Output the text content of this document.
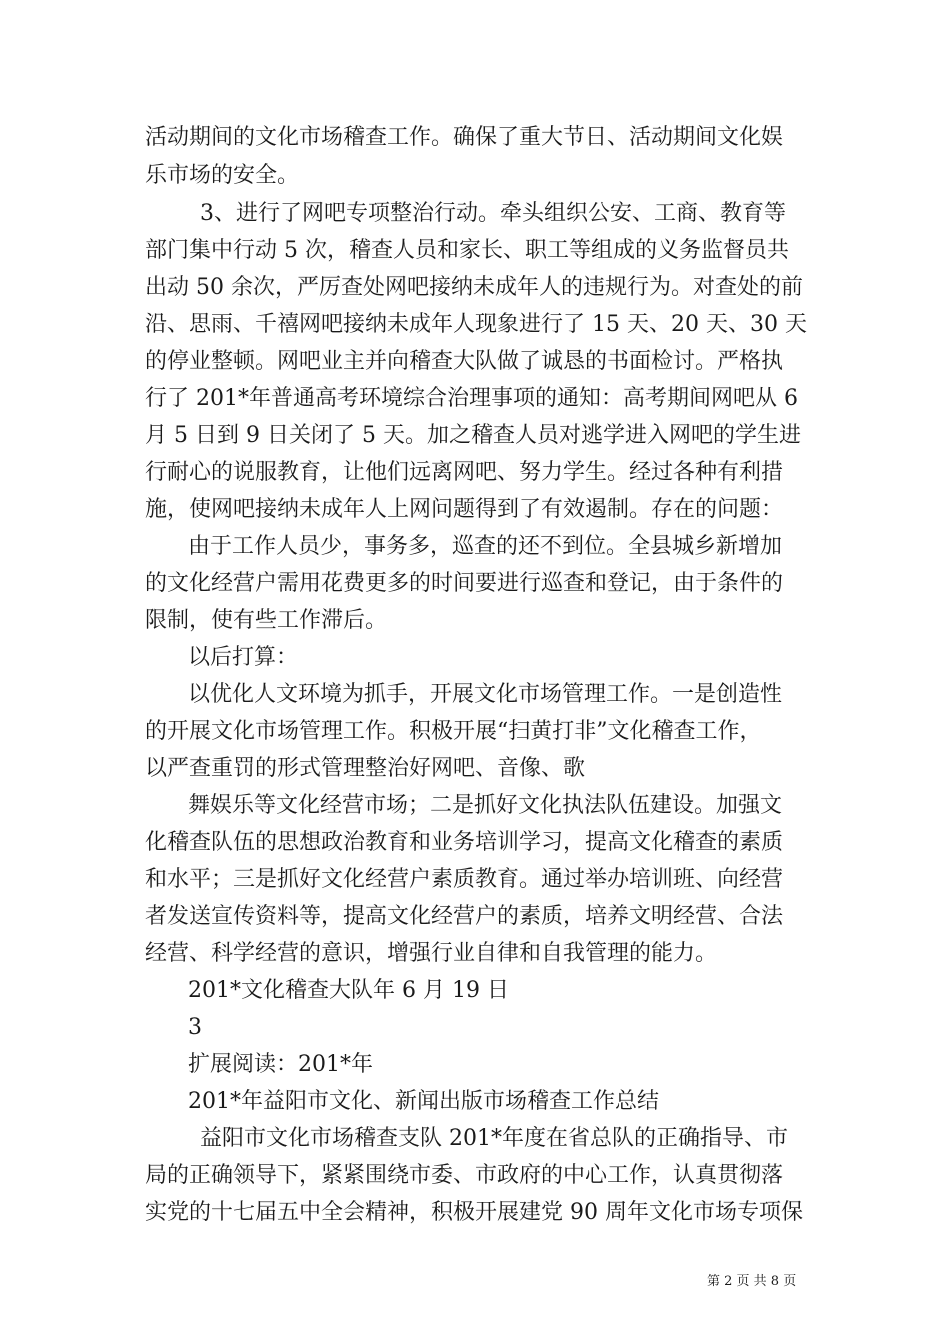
活动期间的文化市场稽查工作。确保了重大节日、活动期间文化娱
乐市场的安全。
3、进行了网吧专项整治行动。牵头组织公安、工商、教育等
部门集中行动 5 次，稽查人员和家长、职工等组成的义务监督员共
出动 50 余次，严厉查处网吧接纳未成年人的违规行为。对查处的前
沿、思雨、千禧网吧接纳未成年人现象进行了 15 天、20 天、30 天
的停业整顿。网吧业主并向稽查大队做了诚恳的书面检讨。严格执
行了 201*年普通高考环境综合治理事项的通知：高考期间网吧从 6
月 5 日到 9 日关闭了 5 天。加之稽查人员对逃学进入网吧的学生进
行耐心的说服教育，让他们远离网吧、努力学生。经过各种有利措
施，使网吧接纳未成年人上网问题得到了有效遏制。存在的问题：
由于工作人员少，事务多，巡查的还不到位。全县城乡新增加
的文化经营户需用花费更多的时间要进行巡查和登记，由于条件的
限制，使有些工作滞后。
以后打算：
以优化人文环境为抓手，开展文化市场管理工作。一是创造性
的开展文化市场管理工作。积极开展“扫黄打非”文化稽查工作，
以严查重罚的形式管理整治好网吧、音像、歌
舞娱乐等文化经营市场；二是抓好文化执法队伍建设。加强文
化稽查队伍的思想政治教育和业务培训学习，提高文化稽查的素质
和水平；三是抓好文化经营户素质教育。通过举办培训班、向经营
者发送宣传资料等，提高文化经营户的素质，培养文明经营、合法
经营、科学经营的意识，增强行业自律和自我管理的能力。
201*文化稽查大队年 6 月 19 日
3
扩展阅读：201*年
201*年益阳市文化、新闻出版市场稽查工作总结
益阳市文化市场稽查支队 201*年度在省总队的正确指导、市
局的正确领导下，紧紧围绕市委、市政府的中心工作，认真贯彻落
实党的十七届五中全会精神，积极开展建党 90 周年文化市场专项保
第 2 页 共 8 页
